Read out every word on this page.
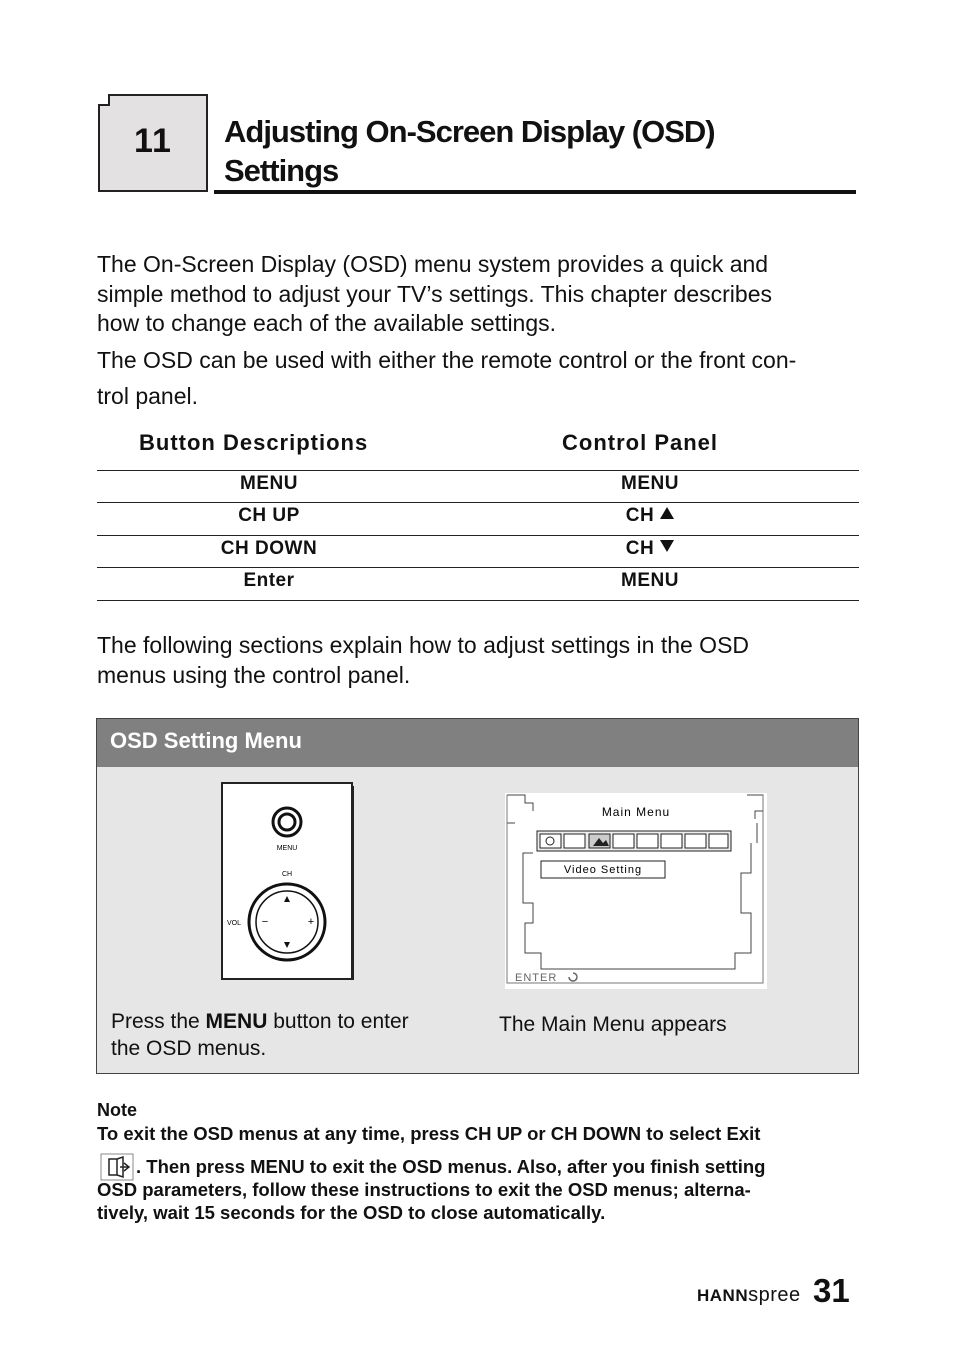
11	Adjusting On-Screen Display (OSD)
Settings

The On-Screen Display (OSD) menu system provides a quick and
simple method to adjust your TV’s settings. This chapter describes
how to change each of the available settings.

The OSD can be used with either the remote control or the front con-

trol panel.

Button Descriptions	Control Panel
MENU	MENU
CH UP	CH
CH DOWN	CH
Enter	MENU

The following sections explain how to adjust settings in the OSD
menus using the control panel.

OSD Setting Menu
MENU
CH
VOL −	+
Main Menu
Video Setting
ENTER
Press the MENU button to enter
the OSD menus.
The Main Menu appears
Note
To exit the OSD menus at any time, press CH UP or CH DOWN to select Exit
. Then press MENU to exit the OSD menus. Also, after you finish setting
OSD parameters, follow these instructions to exit the OSD menus; alterna-
tively, wait 15 seconds for the OSD to close automatically.
HANNspree 31
